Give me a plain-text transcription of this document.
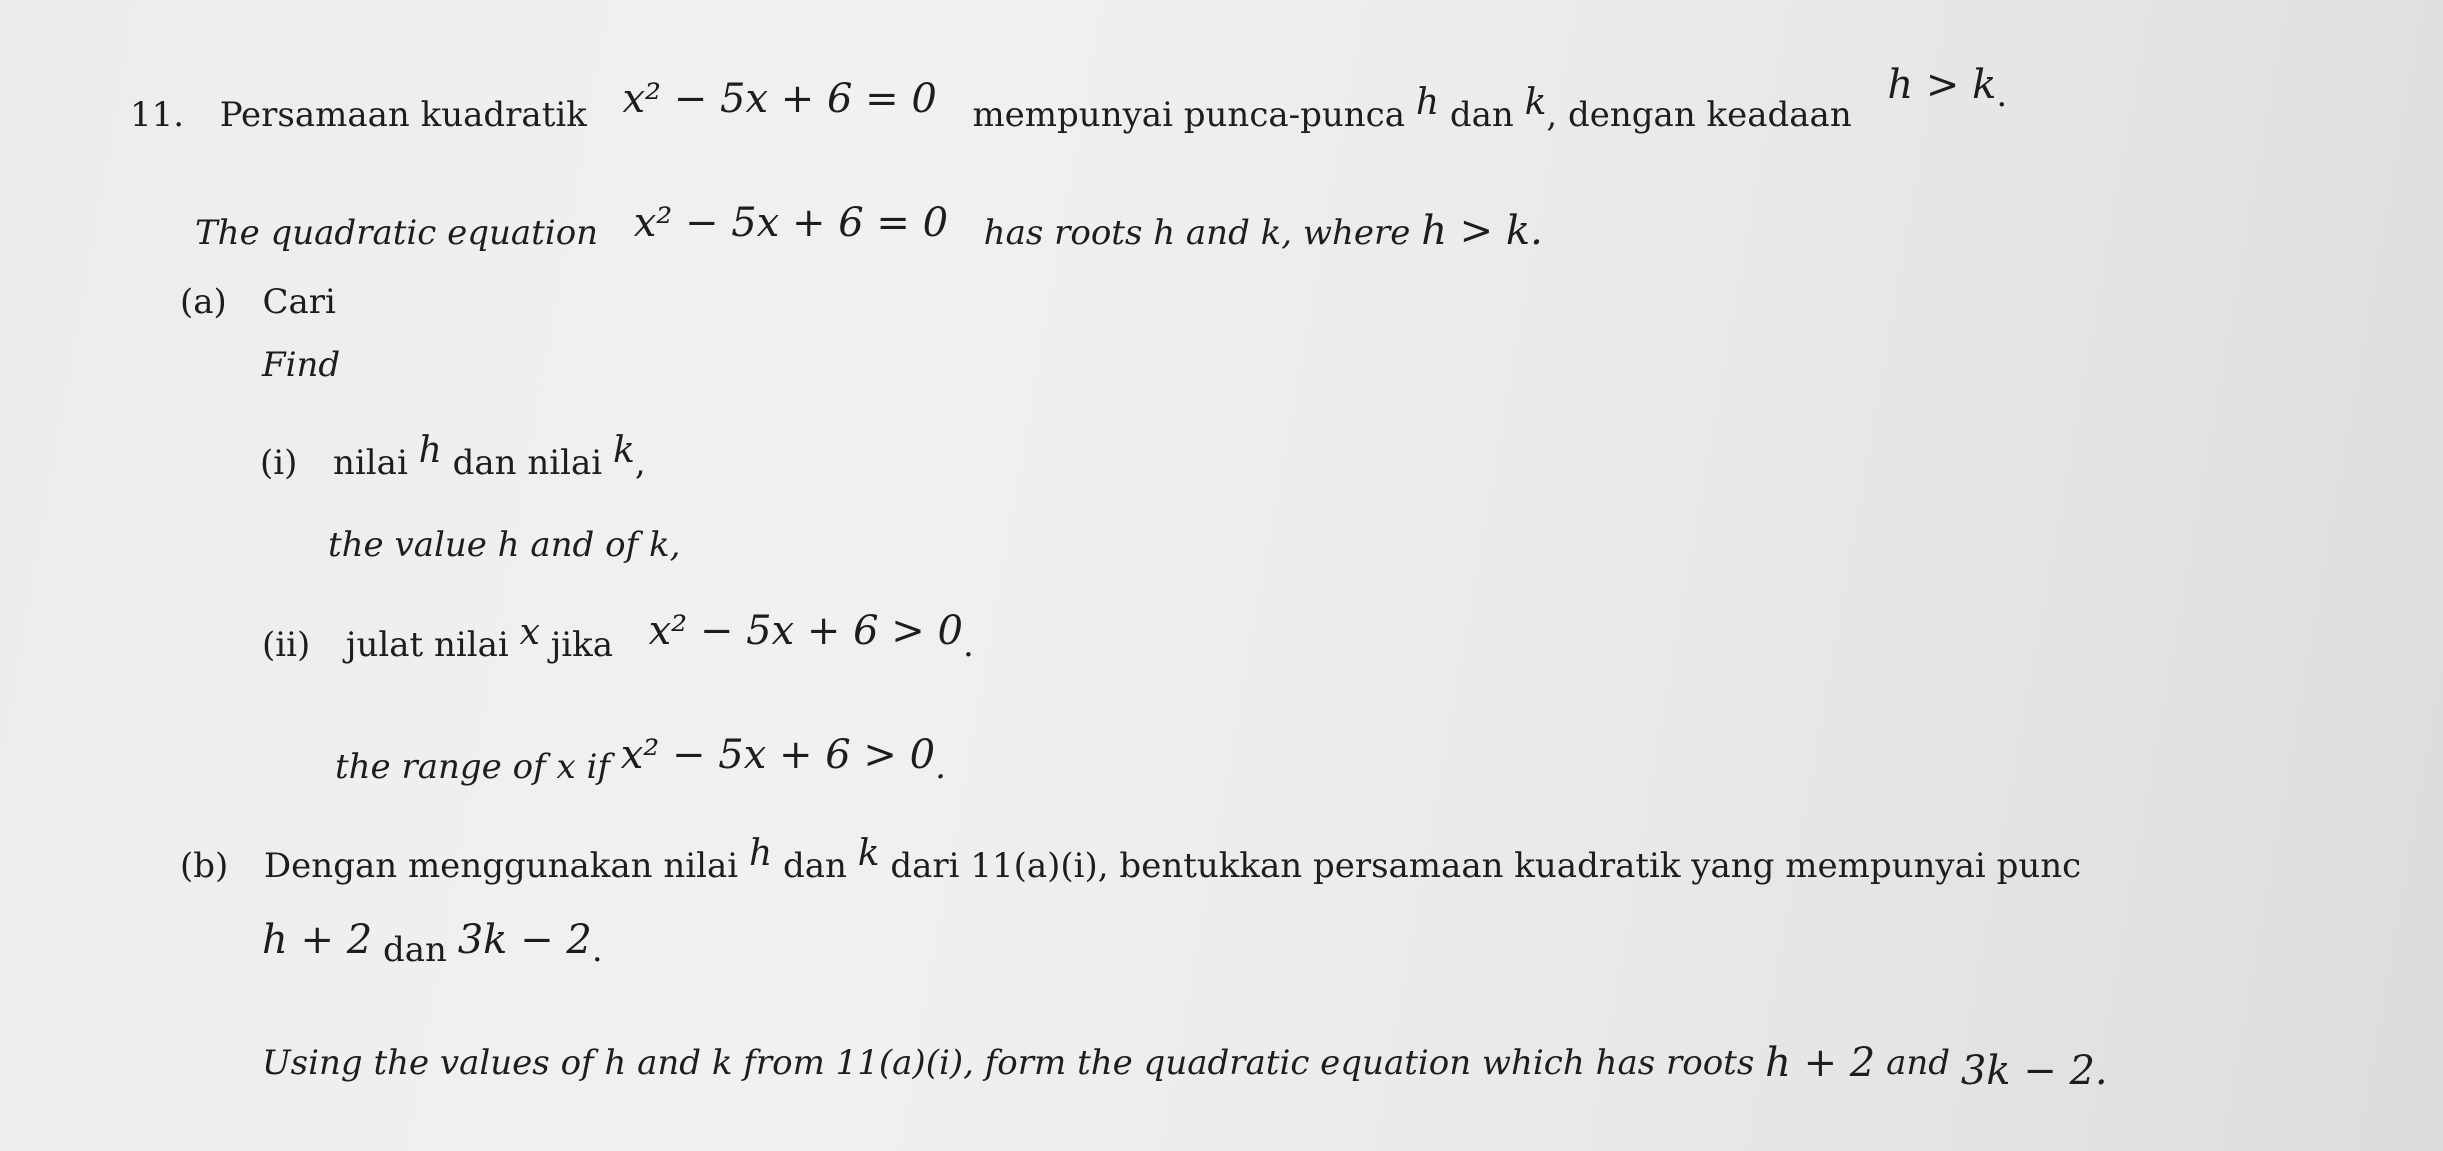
11. Persamaan kuadratik x² − 5x + 6 = 0 mempunyai punca-punca h dan k, dengan keadaan  h > k.
The quadratic equation x² − 5x + 6 = 0 has roots h and k, where h > k.
(a) Cari
Find
(i) nilai h dan nilai k,
the value h and of k,
(ii) julat nilai x jika x² − 5x + 6 > 0.
the range of x if x² − 5x + 6 > 0.
(b) Dengan menggunakan nilai h dan k dari 11(a)(i), bentukkan persamaan kuadratik yang mempunyai punc
h + 2 dan 3k − 2.
Using the values of h and k from 11(a)(i), form the quadratic equation which has roots h + 2 and 3k − 2.
